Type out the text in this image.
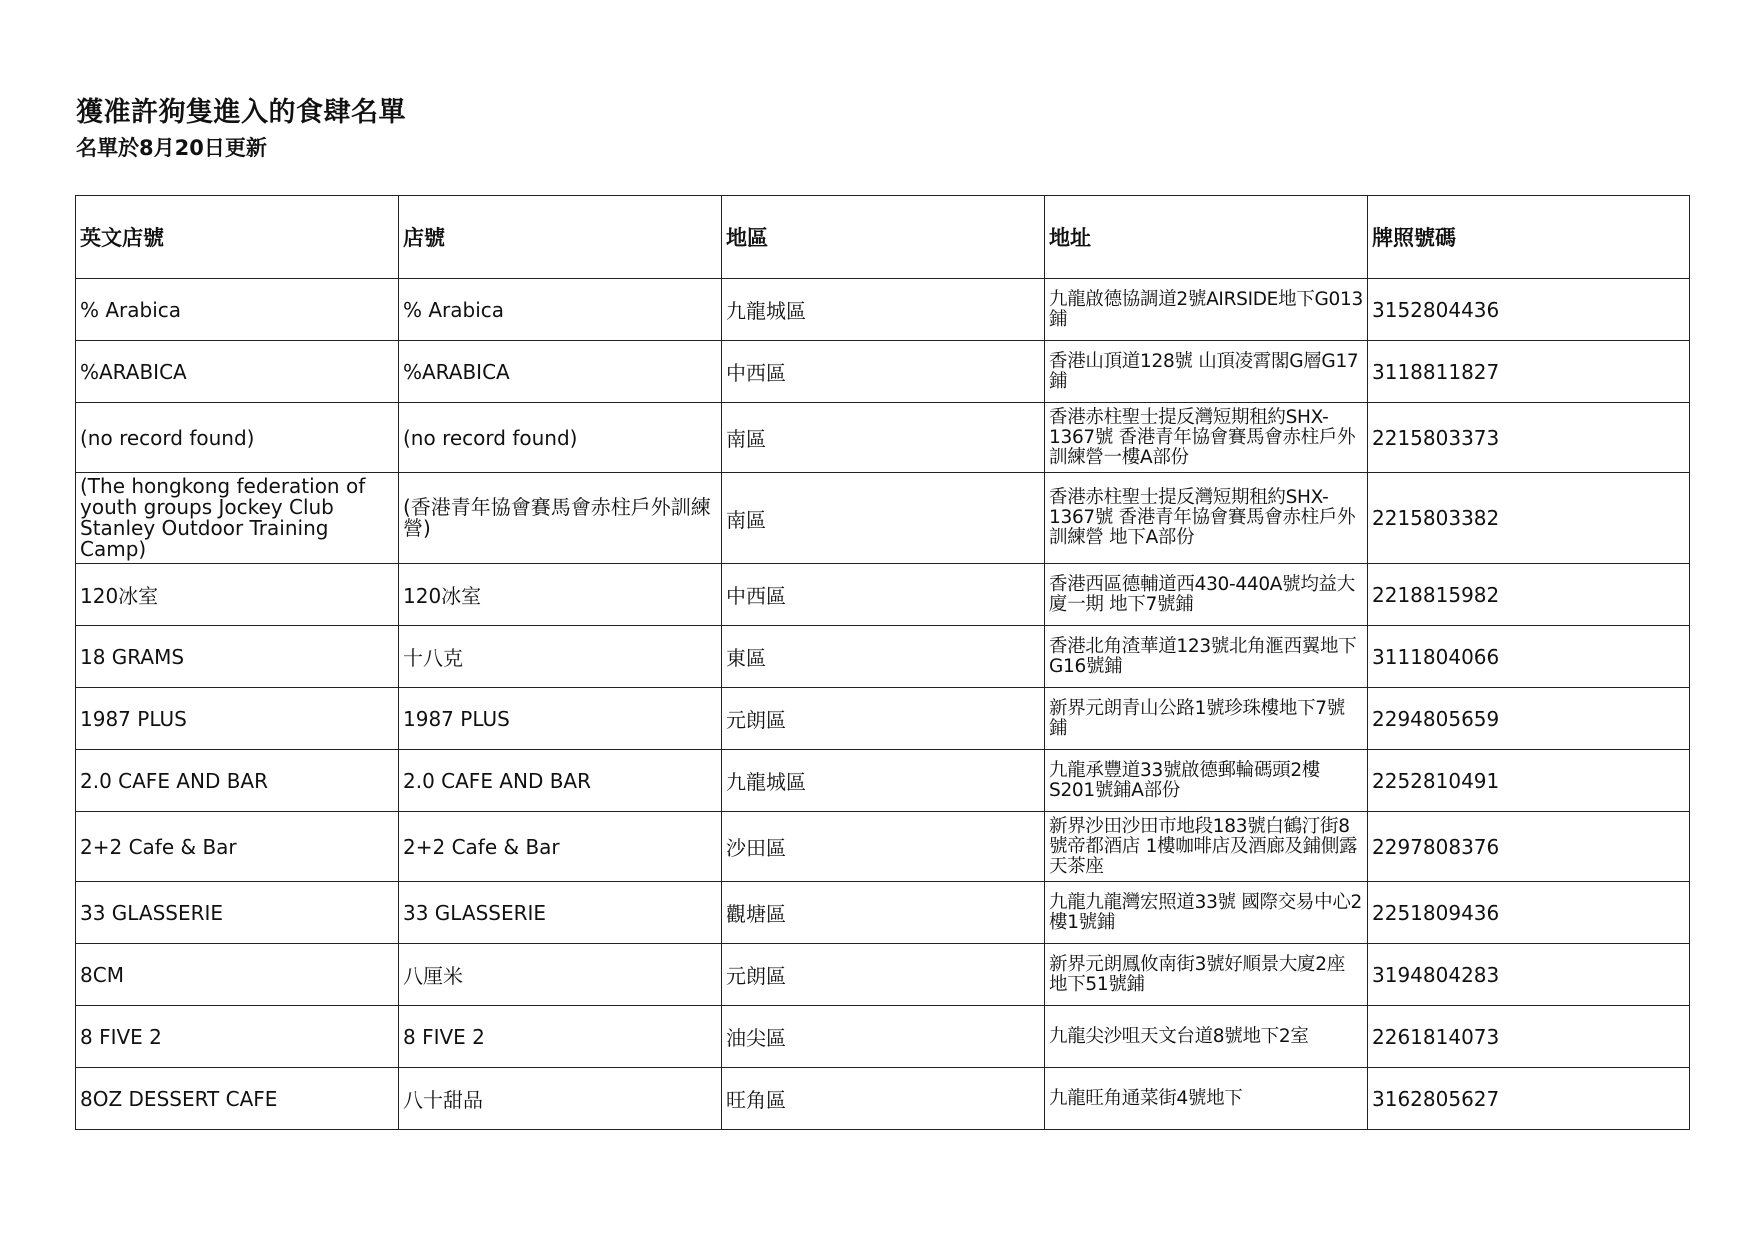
獲准許狗隻進入的食肆名單
名單於8月20日更新
英文店號	店號	地區	地址	牌照號碼
% Arabica	% Arabica	九龍城區	九龍啟德協調道2號AIRSIDE地下G013鋪	3152804436
%ARABICA	%ARABICA	中西區	香港山頂道128號 山頂凌霄閣G層G17鋪	3118811827
(no record found)	(no record found)	南區	香港赤柱聖士提反灣短期租約SHX-1367號 香港青年協會賽馬會赤柱戶外訓練營一樓A部份	2215803373
(The hongkong federation of youth groups Jockey Club Stanley Outdoor Training Camp)	(香港青年協會賽馬會赤柱戶外訓練營)	南區	香港赤柱聖士提反灣短期租約SHX-1367號 香港青年協會賽馬會赤柱戶外訓練營 地下A部份	2215803382
120冰室	120冰室	中西區	香港西區德輔道西430-440A號均益大廈一期 地下7號鋪	2218815982
18 GRAMS	十八克	東區	香港北角渣華道123號北角滙西翼地下G16號鋪	3111804066
1987 PLUS	1987 PLUS	元朗區	新界元朗青山公路1號珍珠樓地下7號鋪	2294805659
2.0 CAFE AND BAR	2.0 CAFE AND BAR	九龍城區	九龍承豐道33號啟德郵輪碼頭2樓S201號鋪A部份	2252810491
2+2 Cafe & Bar	2+2 Cafe & Bar	沙田區	新界沙田沙田市地段183號白鶴汀街8號帝都酒店 1樓咖啡店及酒廊及鋪側露天茶座	2297808376
33 GLASSERIE	33 GLASSERIE	觀塘區	九龍九龍灣宏照道33號 國際交易中心2樓1號鋪	2251809436
8CM	八厘米	元朗區	新界元朗鳳攸南街3號好順景大廈2座地下51號鋪	3194804283
8 FIVE 2	8 FIVE 2	油尖區	九龍尖沙咀天文台道8號地下2室	2261814073
8OZ DESSERT CAFE	八十甜品	旺角區	九龍旺角通菜街4號地下	3162805627
